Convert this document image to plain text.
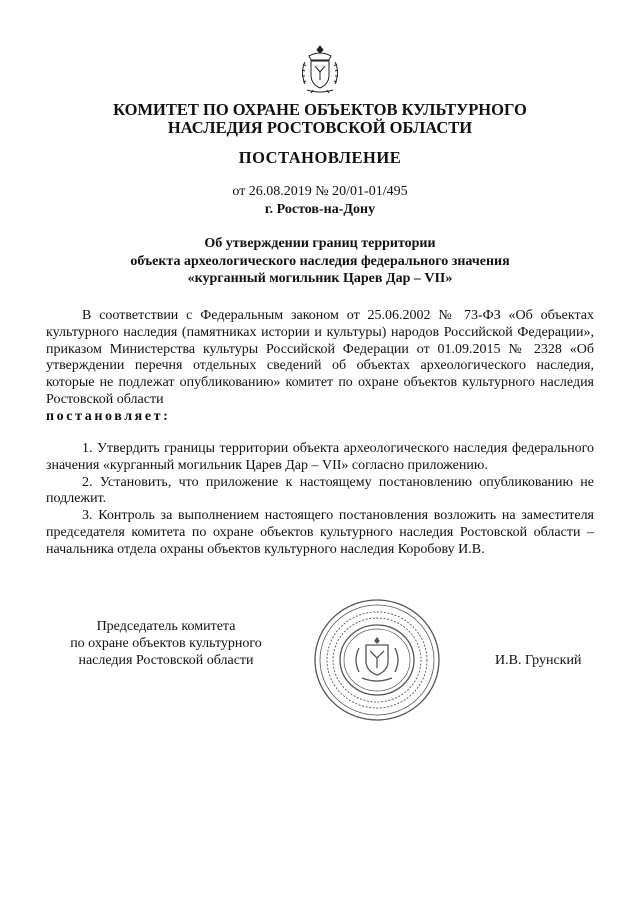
КОМИТЕТ ПО ОХРАНЕ ОБЪЕКТОВ КУЛЬТУРНОГО
НАСЛЕДИЯ РОСТОВСКОЙ ОБЛАСТИ
ПОСТАНОВЛЕНИЕ
от 26.08.2019 № 20/01-01/495
г. Ростов-на-Дону
Об утверждении границ территории
объекта археологического наследия федерального значения
«курганный могильник Царев Дар – VII»

В соответствии с Федеральным законом от 25.06.2002 № 73-ФЗ «Об объектах культурного наследия (памятниках истории и культуры) народов Российской Федерации», приказом Министерства культуры Российской Федерации от 01.09.2015 № 2328 «Об утверждении перечня отдельных сведений об объектах археологического наследия, которые не подлежат опубликованию» комитет по охране объектов культурного наследия Ростовской области

постановляет:

1. Утвердить границы территории объекта археологического наследия федерального значения «курганный могильник Царев Дар – VII» согласно приложению.

2. Установить, что приложение к настоящему постановлению опубликованию не подлежит.

3. Контроль за выполнением настоящего постановления возложить на заместителя председателя комитета по охране объектов культурного наследия Ростовской области – начальника отдела охраны объектов культурного наследия Коробову И.В.

Председатель комитета
по охране объектов культурного
наследия Ростовской области	И.В. Грунский
